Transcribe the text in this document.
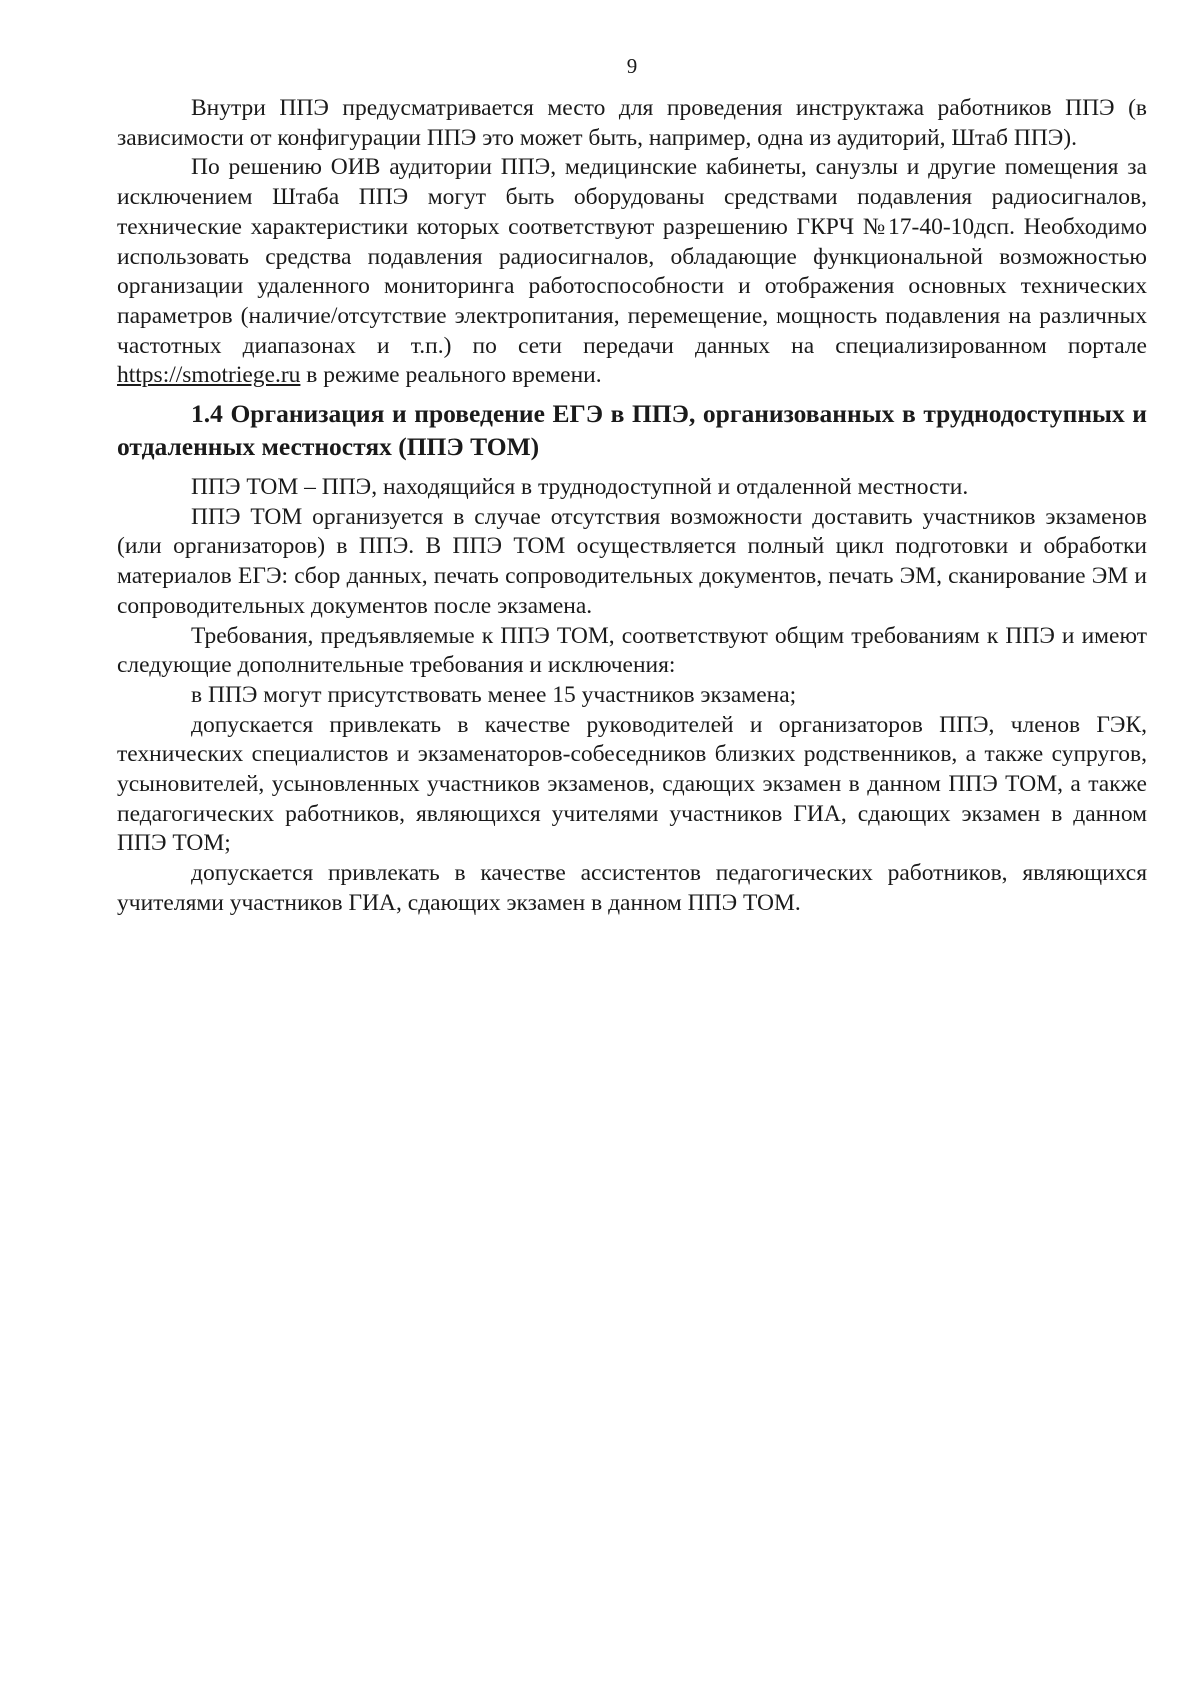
9

Внутри ППЭ предусматривается место для проведения инструктажа работников ППЭ (в зависимости от конфигурации ППЭ это может быть, например, одна из аудиторий, Штаб ППЭ).

По решению ОИВ аудитории ППЭ, медицинские кабинеты, санузлы и другие помещения за исключением Штаба ППЭ могут быть оборудованы средствами подавления радиосигналов, технические характеристики которых соответствуют разрешению ГКРЧ №17-40-10дсп. Необходимо использовать средства подавления радиосигналов, обладающие функциональной возможностью организации удаленного мониторинга работоспособности и отображения основных технических параметров (наличие/отсутствие электропитания, перемещение, мощность подавления на различных частотных диапазонах и т.п.) по сети передачи данных на специализированном портале https://smotriege.ru в режиме реального времени.

1.4 Организация и проведение ЕГЭ в ППЭ, организованных в труднодоступных и отдаленных местностях (ППЭ ТОМ)

ППЭ ТОМ – ППЭ, находящийся в труднодоступной и отдаленной местности.

ППЭ ТОМ организуется в случае отсутствия возможности доставить участников экзаменов (или организаторов) в ППЭ. В ППЭ ТОМ осуществляется полный цикл подготовки и обработки материалов ЕГЭ: сбор данных, печать сопроводительных документов, печать ЭМ, сканирование ЭМ и сопроводительных документов после экзамена.

Требования, предъявляемые к ППЭ ТОМ, соответствуют общим требованиям к ППЭ и имеют следующие дополнительные требования и исключения:

в ППЭ могут присутствовать менее 15 участников экзамена;

допускается привлекать в качестве руководителей и организаторов ППЭ, членов ГЭК, технических специалистов и экзаменаторов-собеседников близких родственников, а также супругов, усыновителей, усыновленных участников экзаменов, сдающих экзамен в данном ППЭ ТОМ, а также педагогических работников, являющихся учителями участников ГИА, сдающих экзамен в данном ППЭ ТОМ;

допускается привлекать в качестве ассистентов педагогических работников, являющихся учителями участников ГИА, сдающих экзамен в данном ППЭ ТОМ.
